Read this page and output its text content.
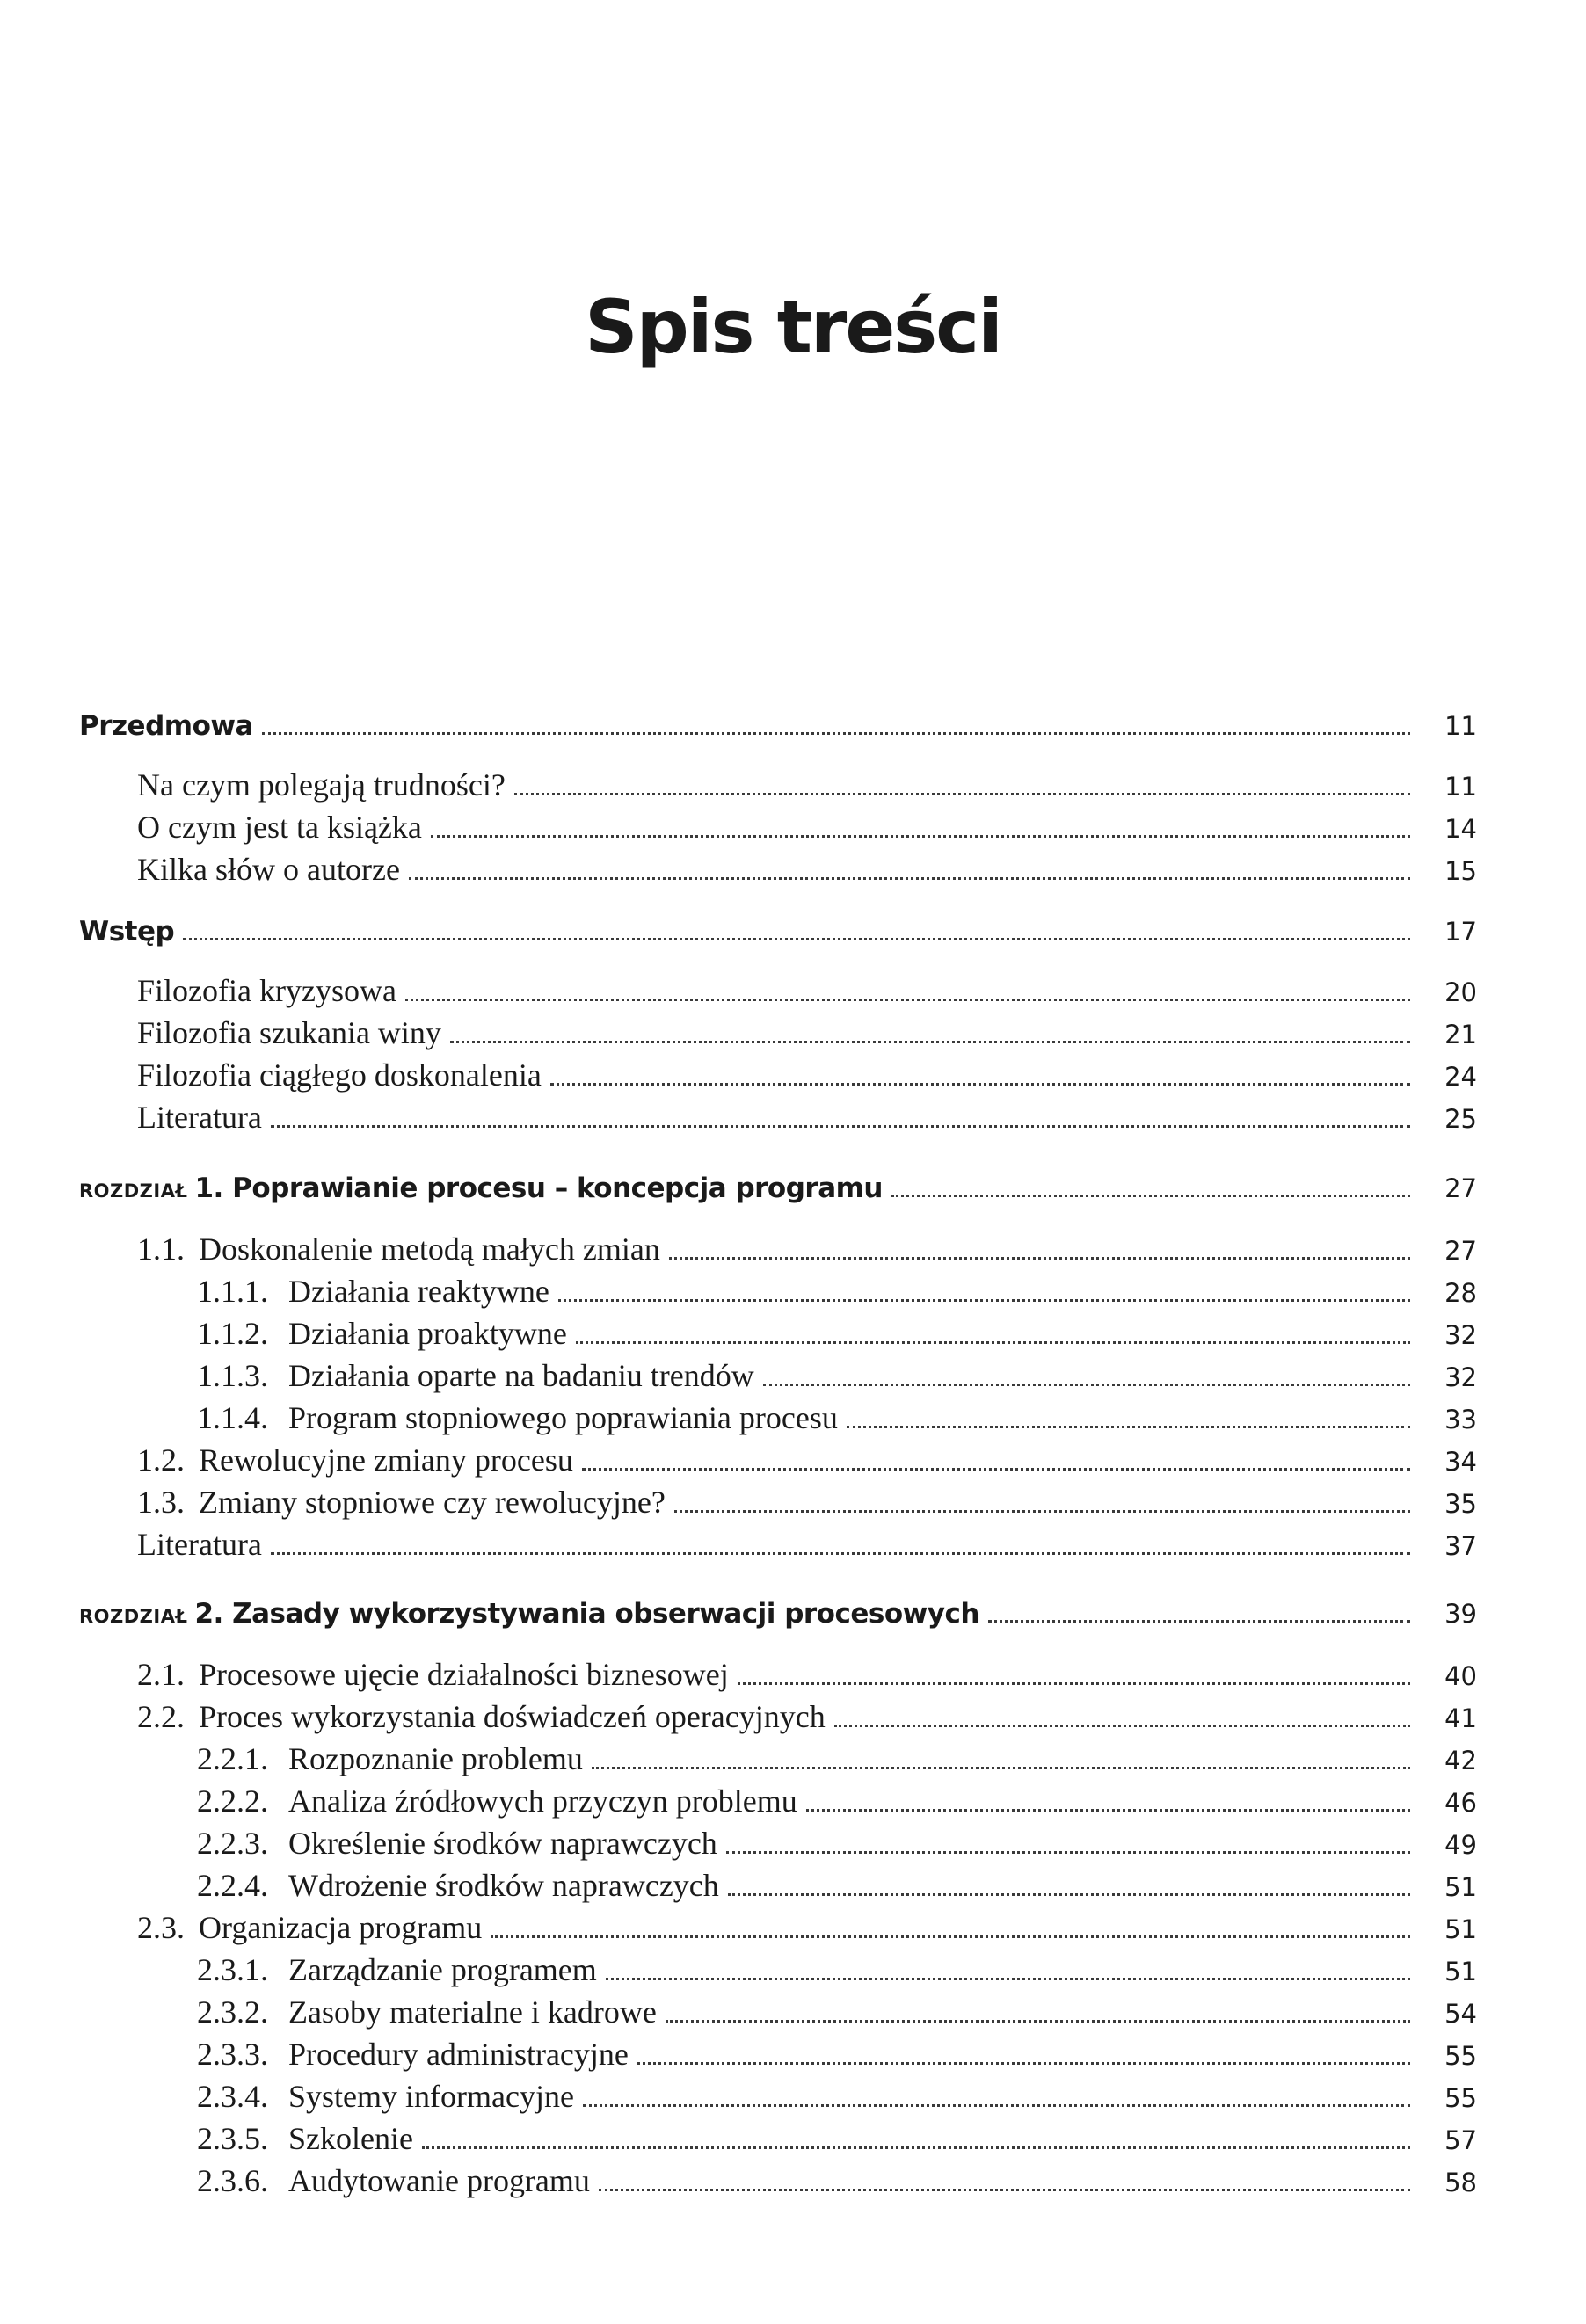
Spis treści
Przedmowa	11
Na czym polegają trudności?	11
O czym jest ta książka	14
Kilka słów o autorze	15
Wstęp	17
Filozofia kryzysowa	20
Filozofia szukania winy	21
Filozofia ciągłego doskonalenia	24
Literatura	25
ROZDZIAŁ 1. Poprawianie procesu – koncepcja programu	27
1.1. Doskonalenie metodą małych zmian	27
1.1.1. Działania reaktywne	28
1.1.2. Działania proaktywne	32
1.1.3. Działania oparte na badaniu trendów	32
1.1.4. Program stopniowego poprawiania procesu	33
1.2. Rewolucyjne zmiany procesu	34
1.3. Zmiany stopniowe czy rewolucyjne?	35
Literatura	37
ROZDZIAŁ 2. Zasady wykorzystywania obserwacji procesowych	39
2.1. Procesowe ujęcie działalności biznesowej	40
2.2. Proces wykorzystania doświadczeń operacyjnych	41
2.2.1. Rozpoznanie problemu	42
2.2.2. Analiza źródłowych przyczyn problemu	46
2.2.3. Określenie środków naprawczych	49
2.2.4. Wdrożenie środków naprawczych	51
2.3. Organizacja programu	51
2.3.1. Zarządzanie programem	51
2.3.2. Zasoby materialne i kadrowe	54
2.3.3. Procedury administracyjne	55
2.3.4. Systemy informacyjne	55
2.3.5. Szkolenie	57
2.3.6. Audytowanie programu	58
